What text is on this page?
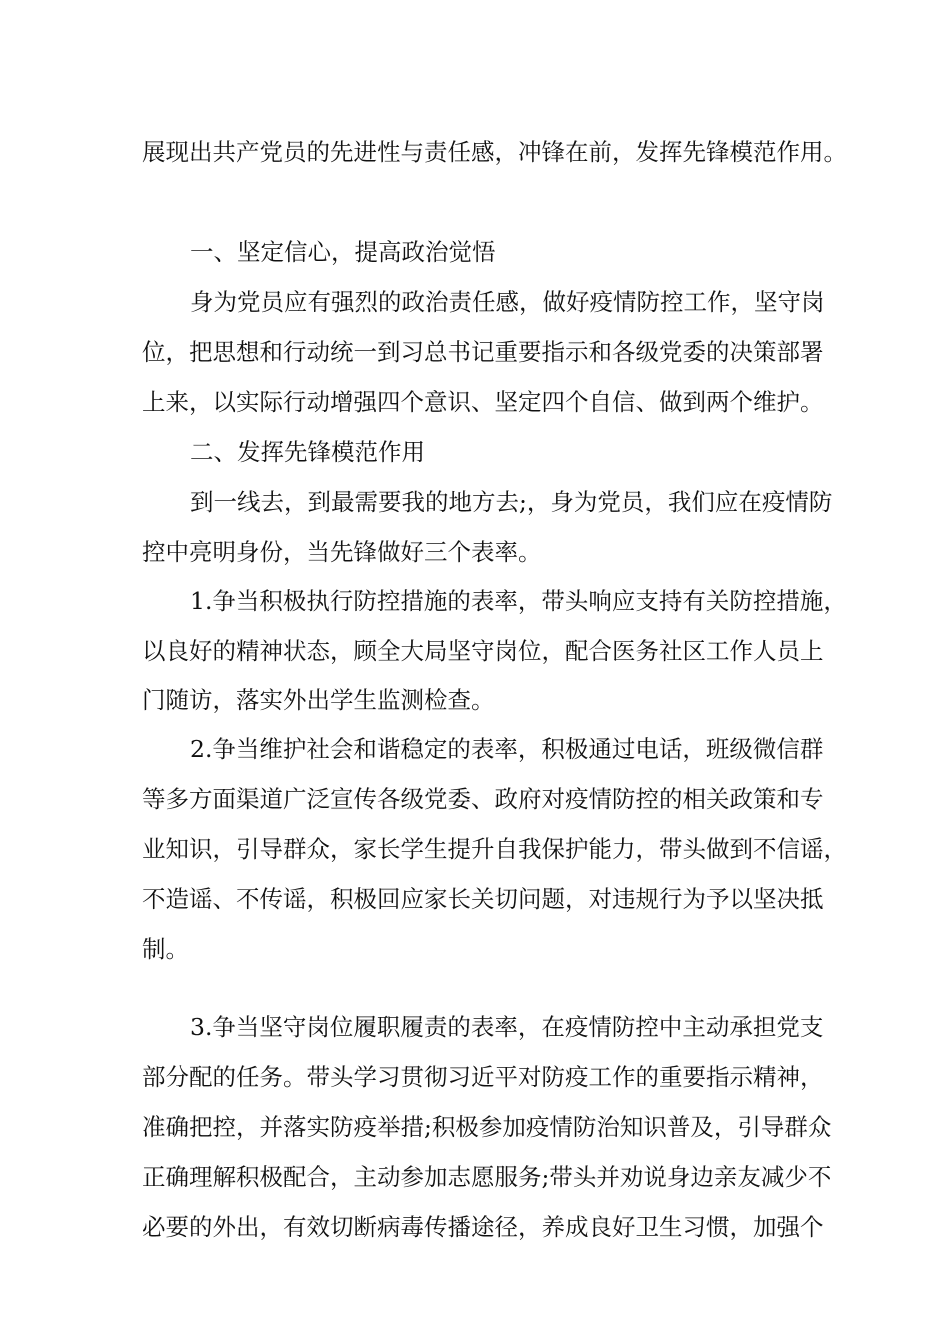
展现出共产党员的先进性与责任感，冲锋在前，发挥先锋模范作用。

一、坚定信心，提高政治觉悟

身为党员应有强烈的政治责任感，做好疫情防控工作，坚守岗

位，把思想和行动统一到习总书记重要指示和各级党委的决策部署

上来，以实际行动增强四个意识、坚定四个自信、做到两个维护。

二、发挥先锋模范作用

到一线去，到最需要我的地方去;，身为党员，我们应在疫情防

控中亮明身份，当先锋做好三个表率。

1.争当积极执行防控措施的表率，带头响应支持有关防控措施，

以良好的精神状态，顾全大局坚守岗位，配合医务社区工作人员上

门随访，落实外出学生监测检查。

2.争当维护社会和谐稳定的表率，积极通过电话，班级微信群

等多方面渠道广泛宣传各级党委、政府对疫情防控的相关政策和专

业知识，引导群众，家长学生提升自我保护能力，带头做到不信谣，

不造谣、不传谣，积极回应家长关切问题，对违规行为予以坚决抵

制。

3.争当坚守岗位履职履责的表率，在疫情防控中主动承担党支

部分配的任务。带头学习贯彻习近平对防疫工作的重要指示精神，

准确把控，并落实防疫举措;积极参加疫情防治知识普及，引导群众

正确理解积极配合，主动参加志愿服务;带头并劝说身边亲友减少不

必要的外出，有效切断病毒传播途径，养成良好卫生习惯，加强个
